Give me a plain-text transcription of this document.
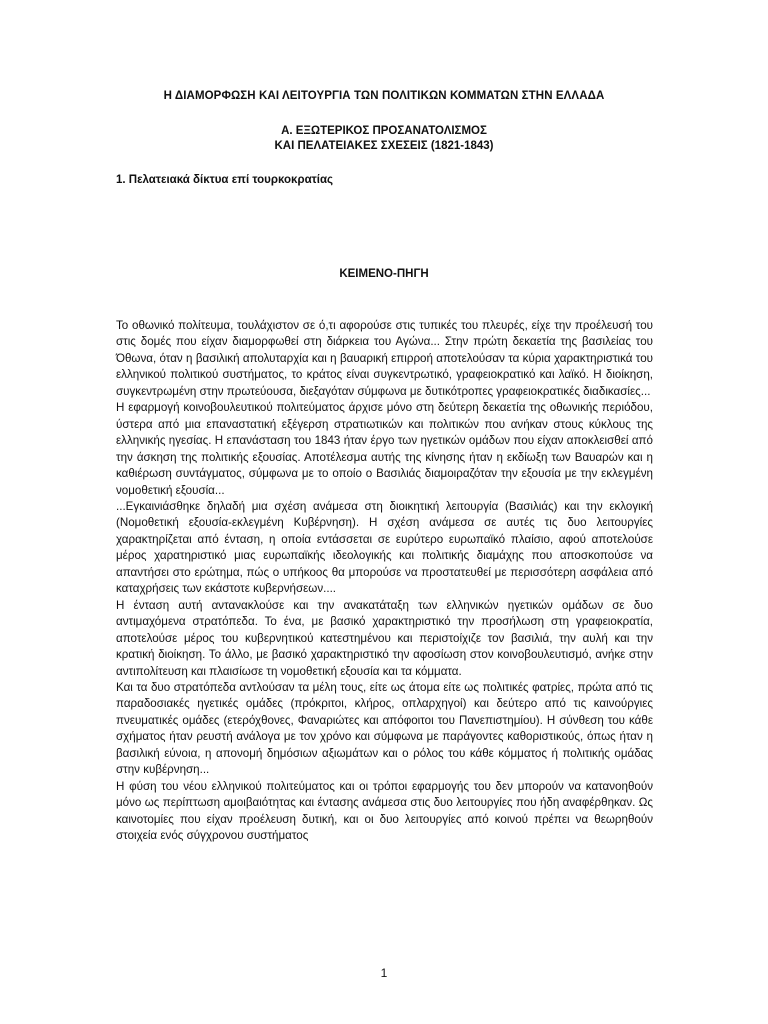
Η ΔΙΑΜΟΡΦΩΣΗ ΚΑΙ ΛΕΙΤΟΥΡΓΙΑ ΤΩΝ ΠΟΛΙΤΙΚΩΝ ΚΟΜΜΑΤΩΝ ΣΤΗΝ ΕΛΛΑΔΑ
Α. ΕΞΩΤΕΡΙΚΟΣ ΠΡΟΣΑΝΑΤΟΛΙΣΜΟΣ
ΚΑΙ ΠΕΛΑΤΕΙΑΚΕΣ ΣΧΕΣΕΙΣ (1821-1843)
1. Πελατειακά δίκτυα επί τουρκοκρατίας
ΚΕΙΜΕΝΟ-ΠΗΓΗ

Το οθωνικό πολίτευμα, τουλάχιστον σε ό,τι αφορούσε στις τυπικές του πλευρές, είχε την προέλευσή του στις δομές που είχαν διαμορφωθεί στη διάρκεια του Αγώνα... Στην πρώτη δεκαετία της βασιλείας του Όθωνα, όταν η βασιλική απολυταρχία και η βαυαρική επιρροή αποτελούσαν τα κύρια χαρακτηριστικά του ελληνικού πολιτικού συστήματος, το κράτος είναι συγκεντρωτικό, γραφειοκρατικό και λαϊκό. Η διοίκηση, συγκεντρωμένη στην πρωτεύουσα, διεξαγόταν σύμφωνα με δυτικότροπες γραφειοκρατικές διαδικασίες...

Η εφαρμογή κοινοβουλευτικού πολιτεύματος άρχισε μόνο στη δεύτερη δεκαετία της οθωνικής περιόδου, ύστερα από μια επαναστατική εξέγερση στρατιωτικών και πολιτικών που ανήκαν στους κύκλους της ελληνικής ηγεσίας. Η επανάσταση του 1843 ήταν έργο των ηγετικών ομάδων που είχαν αποκλεισθεί από την άσκηση της πολιτικής εξουσίας. Αποτέλεσμα αυτής της κίνησης ήταν η εκδίωξη των Βαυαρών και η καθιέρωση συντάγματος, σύμφωνα με το οποίο ο Βασιλιάς διαμοιραζόταν την εξουσία με την εκλεγμένη νομοθετική εξουσία...

...Εγκαινιάσθηκε δηλαδή μια σχέση ανάμεσα στη διοικητική λειτουργία (Βασιλιάς) και την εκλογική (Νομοθετική εξουσία-εκλεγμένη Κυβέρνηση). Η σχέση ανάμεσα σε αυτές τις δυο λειτουργίες χαρακτηρίζεται από ένταση, η οποία εντάσσεται σε ευρύτερο ευρωπαϊκό πλαίσιο, αφού αποτελούσε μέρος χαρατηριστικό μιας ευρωπαϊκής ιδεολογικής και πολιτικής διαμάχης που αποσκοπούσε να απαντήσει στο ερώτημα, πώς ο υπήκοος θα μπορούσε να προστατευθεί με περισσότερη ασφάλεια από καταχρήσεις των εκάστοτε κυβερνήσεων....

Η ένταση αυτή αντανακλούσε και την ανακατάταξη των ελληνικών ηγετικών ομάδων σε δυο αντιμαχόμενα στρατόπεδα. Το ένα, με βασικό χαρακτηριστικό την προσήλωση στη γραφειοκρατία, αποτελούσε μέρος του κυβερνητικού κατεστημένου και περιστοίχιζε τον βασιλιά, την αυλή και την κρατική διοίκηση. Το άλλο, με βασικό χαρακτηριστικό την αφοσίωση στον κοινοβουλευτισμό, ανήκε στην αντιπολίτευση και πλαισίωσε τη νομοθετική εξουσία και τα κόμματα.

Και τα δυο στρατόπεδα αντλούσαν τα μέλη τους, είτε ως άτομα είτε ως πολιτικές φατρίες, πρώτα από τις παραδοσιακές ηγετικές ομάδες (πρόκριτοι, κλήρος, οπλαρχηγοί) και δεύτερο από τις καινούργιες πνευματικές ομάδες (ετερόχθονες, Φαναριώτες και απόφοιτοι του Πανεπιστημίου). Η σύνθεση του κάθε σχήματος ήταν ρευστή ανάλογα με τον χρόνο και σύμφωνα με παράγοντες καθοριστικούς, όπως ήταν η βασιλική εύνοια, η απονομή δημόσιων αξιωμάτων και ο ρόλος του κάθε κόμματος ή πολιτικής ομάδας στην κυβέρνηση...

Η φύση του νέου ελληνικού πολιτεύματος και οι τρόποι εφαρμογής του δεν μπορούν να κατανοηθούν μόνο ως περίπτωση αμοιβαιότητας και έντασης ανάμεσα στις δυο λειτουργίες που ήδη αναφέρθηκαν. Ως καινοτομίες που είχαν προέλευση δυτική, και οι δυο λειτουργίες από κοινού πρέπει να θεωρηθούν στοιχεία ενός σύγχρονου συστήματος

1
